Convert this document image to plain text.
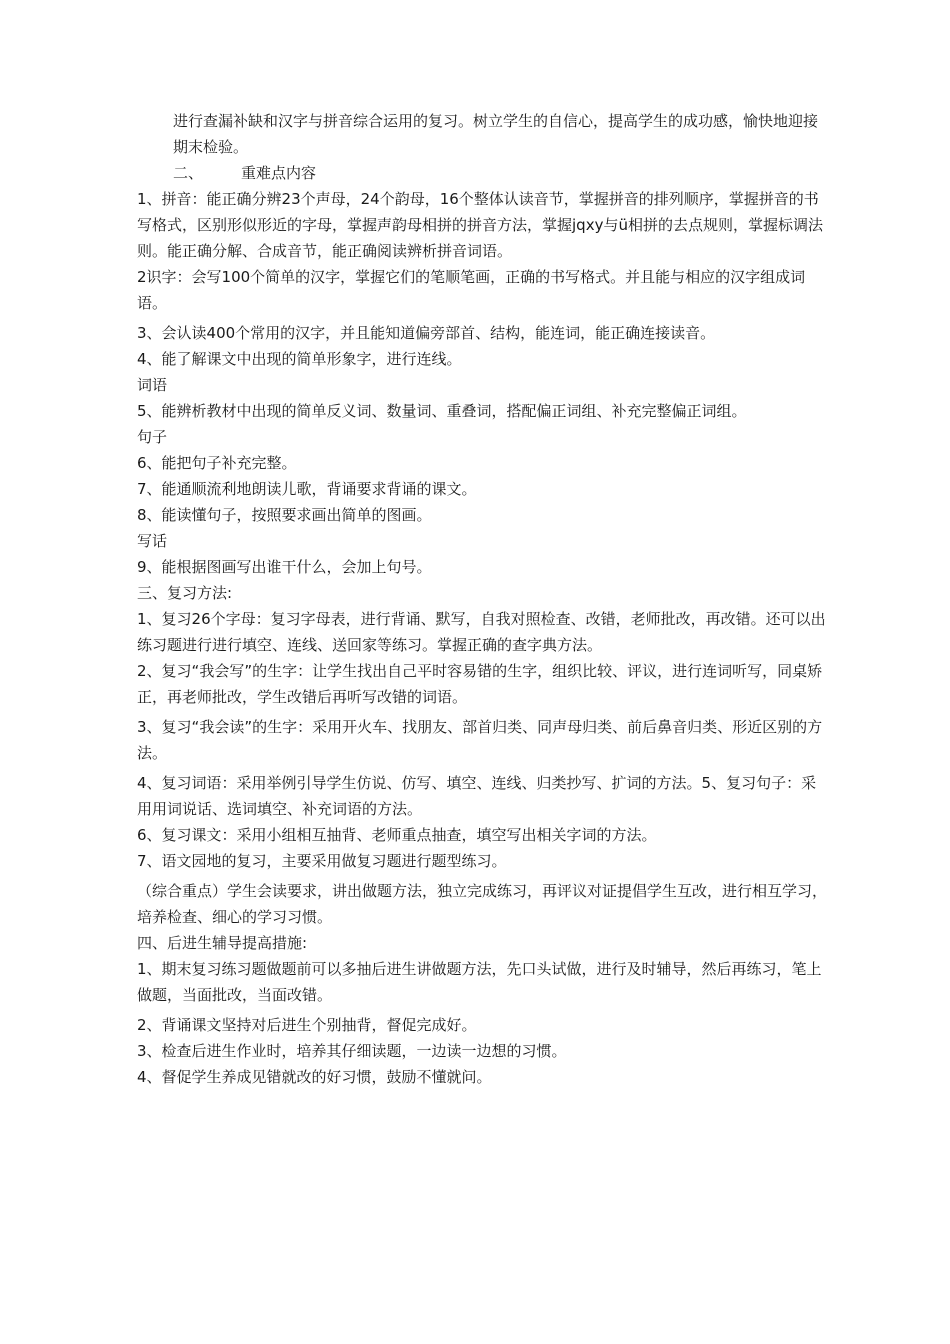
进行查漏补缺和汉字与拼音综合运用的复习。树立学生的自信心，提高学生的成功感，愉快地迎接期末检验。

二、	重难点内容

1、拼音：能正确分辨23个声母，24个韵母，16个整体认读音节，掌握拼音的排列顺序，掌握拼音的书写格式，区别形似形近的字母，掌握声韵母相拼的拼音方法，掌握jqxy与ü相拼的去点规则，掌握标调法则。能正确分解、合成音节，能正确阅读辨析拼音词语。

2识字：会写100个简单的汉字，掌握它们的笔顺笔画，正确的书写格式。并且能与相应的汉字组成词语。

3、会认读400个常用的汉字，并且能知道偏旁部首、结构，能连词，能正确连接读音。

4、能了解课文中出现的简单形象字，进行连线。

词语

5、能辨析教材中出现的简单反义词、数量词、重叠词，搭配偏正词组、补充完整偏正词组。

句子

6、能把句子补充完整。

7、能通顺流利地朗读儿歌，背诵要求背诵的课文。

8、能读懂句子，按照要求画出简单的图画。

写话

9、能根据图画写出谁干什么，会加上句号。

三、复习方法:

1、复习26个字母：复习字母表，进行背诵、默写，自我对照检查、改错，老师批改，再改错。还可以出练习题进行进行填空、连线、送回家等练习。掌握正确的查字典方法。

2、复习“我会写”的生字：让学生找出自己平时容易错的生字，组织比较、评议，进行连词听写，同桌矫正，再老师批改，学生改错后再听写改错的词语。

3、复习“我会读”的生字：采用开火车、找朋友、部首归类、同声母归类、前后鼻音归类、形近区别的方法。

4、复习词语：采用举例引导学生仿说、仿写、填空、连线、归类抄写、扩词的方法。5、复习句子：采用用词说话、选词填空、补充词语的方法。

6、复习课文：采用小组相互抽背、老师重点抽查，填空写出相关字词的方法。

7、语文园地的复习，主要采用做复习题进行题型练习。

（综合重点）学生会读要求，讲出做题方法，独立完成练习，再评议对证提倡学生互改，进行相互学习，培养检查、细心的学习习惯。

四、后进生辅导提高措施:

1、期末复习练习题做题前可以多抽后进生讲做题方法，先口头试做，进行及时辅导，然后再练习，笔上做题，当面批改，当面改错。

2、背诵课文坚持对后进生个别抽背，督促完成好。

3、检查后进生作业时，培养其仔细读题，一边读一边想的习惯。

4、督促学生养成见错就改的好习惯，鼓励不懂就问。
